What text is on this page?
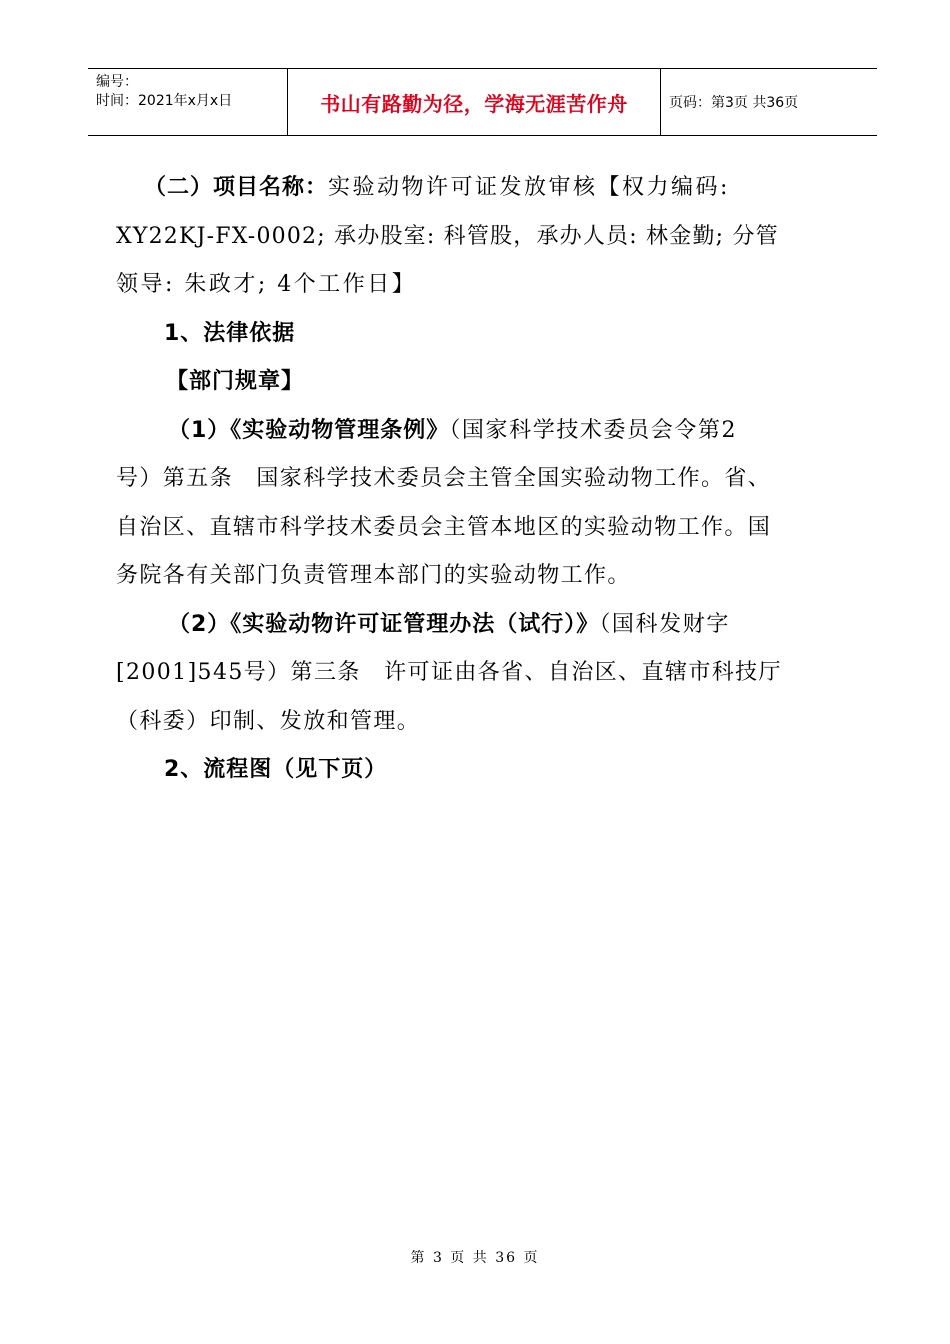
编号：
时间：2021年x月x日	书山有路勤为径，学海无涯苦作舟	页码：第3页 共36页
（二）项目名称：实验动物许可证发放审核【权力编码:
XY22KJ-FX-0002; 承办股室: 科管股，承办人员: 林金勤; 分管
领导: 朱政才; 4个工作日】
1、法律依据
【部门规章】
（1）《实验动物管理条例》（国家科学技术委员会令第2
号）第五条　国家科学技术委员会主管全国实验动物工作。省、
自治区、直辖市科学技术委员会主管本地区的实验动物工作。国
务院各有关部门负责管理本部门的实验动物工作。
（2）《实验动物许可证管理办法（试行）》（国科发财字
[2001]545号）第三条　许可证由各省、自治区、直辖市科技厅
（科委）印制、发放和管理。
2、流程图（见下页）
第 3 页 共 36 页
